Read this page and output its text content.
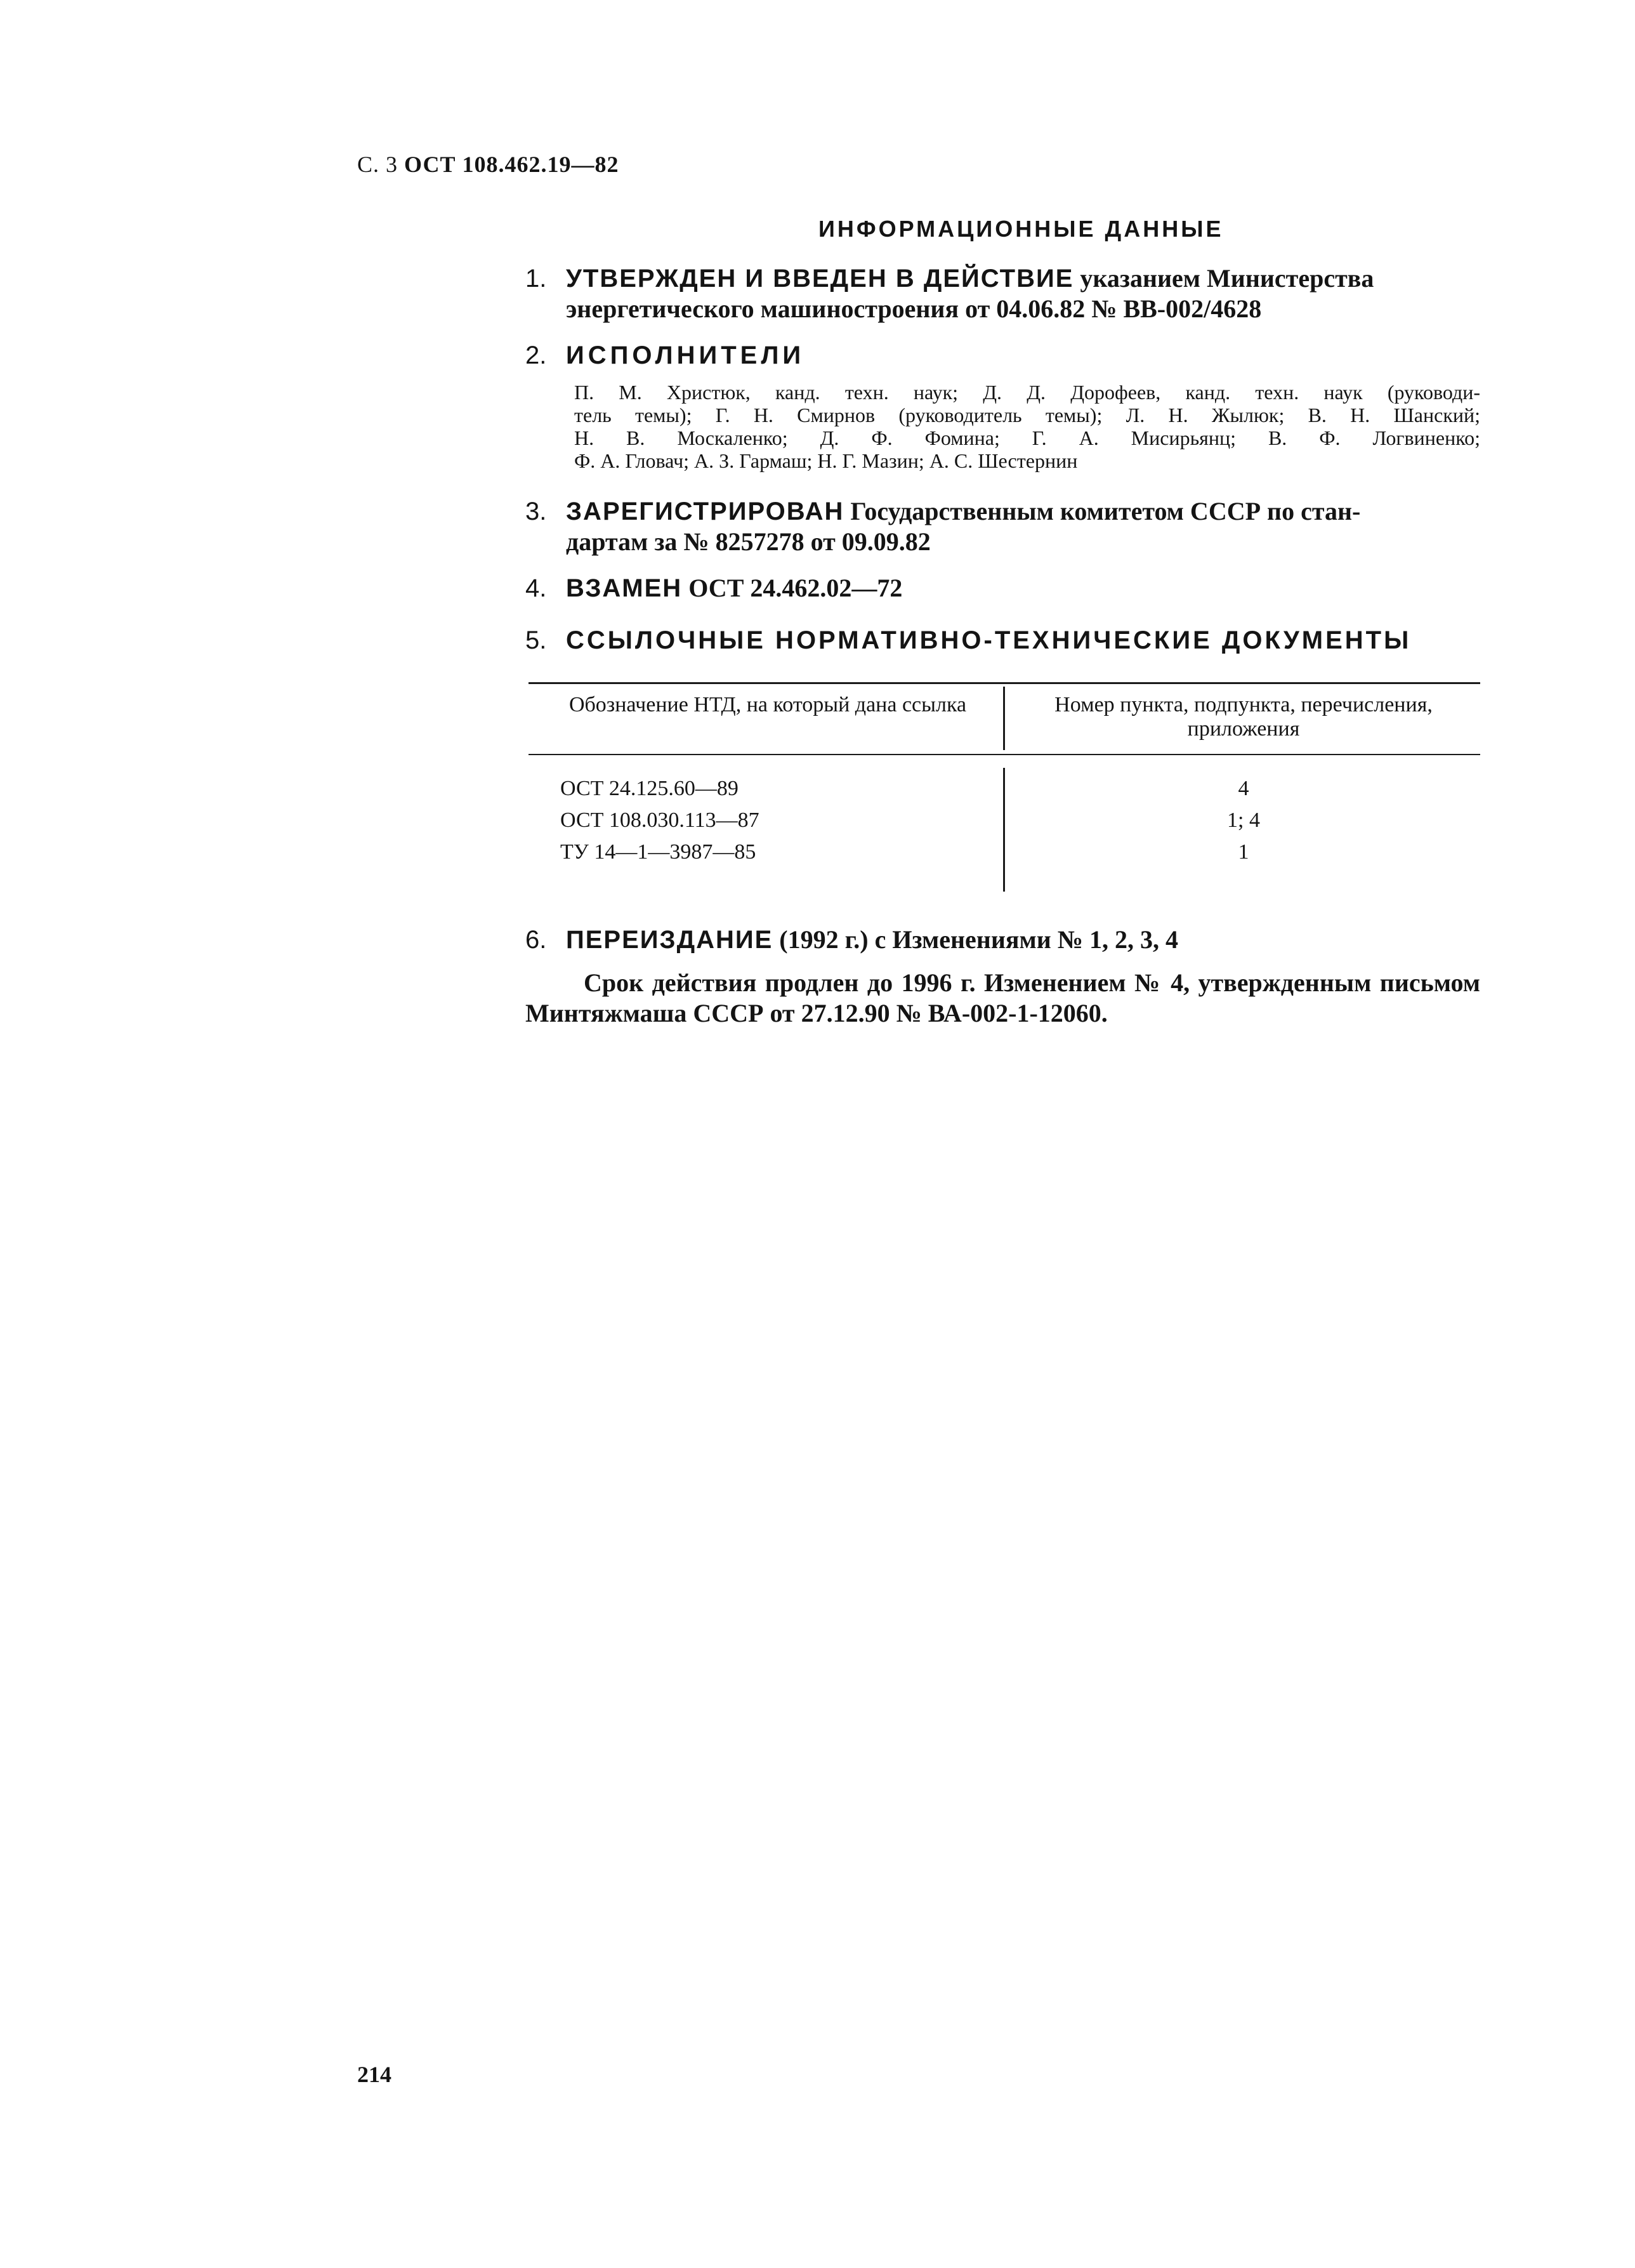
С. 3 ОСТ 108.462.19—82
ИНФОРМАЦИОННЫЕ ДАННЫЕ
1. УТВЕРЖДЕН И ВВЕДЕН В ДЕЙСТВИЕ указанием Министерства
энергетического машиностроения от 04.06.82 № ВВ-002/4628
2. ИСПОЛНИТЕЛИ
П. М. Христюк, канд. техн. наук; Д. Д. Дорофеев, канд. техн. наук (руководи-
тель темы); Г. Н. Смирнов (руководитель темы); Л. Н. Жылюк; В. Н. Шанский;
Н. В. Москаленко; Д. Ф. Фомина; Г. А. Мисирьянц; В. Ф. Логвиненко;
Ф. А. Гловач; А. З. Гармаш; Н. Г. Мазин; А. С. Шестернин
3. ЗАРЕГИСТРИРОВАН Государственным комитетом СССР по стан-
дартам за № 8257278 от 09.09.82
4. ВЗАМЕН ОСТ 24.462.02—72
5. ССЫЛОЧНЫЕ НОРМАТИВНО-ТЕХНИЧЕСКИЕ ДОКУМЕНТЫ
Обозначение НТД, на который дана ссылка	Номер пункта, подпункта, перечисления, приложения
ОСТ 24.125.60—89	4
ОСТ 108.030.113—87	1; 4
ТУ 14—1—3987—85	1
6. ПЕРЕИЗДАНИЕ (1992 г.) с Изменениями № 1, 2, 3, 4
Срок действия продлен до 1996 г. Изменением № 4, утвержденным письмом Минтяжмаша СССР от 27.12.90 № ВА-002-1-12060.
214
